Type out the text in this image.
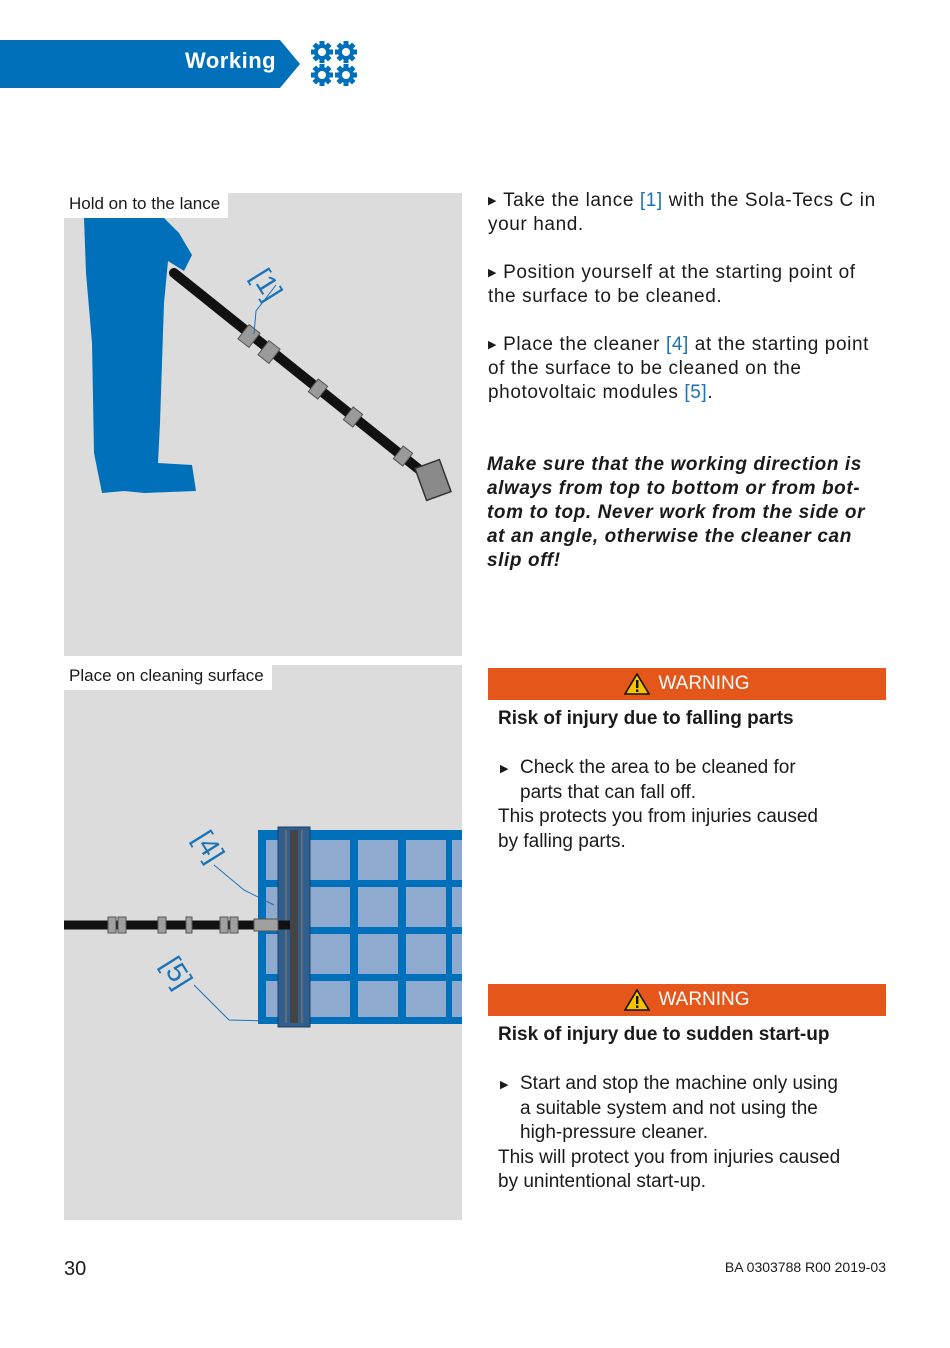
Working
Hold on to the lance
[1]
Place on cleaning surface
[4]
[5]

▶ Take the lance [1] with the Sola-Tecs C in your hand.

▶ Position yourself at the starting point of the surface to be cleaned.

▶ Place the cleaner [4] at the starting point of the surface to be cleaned on the photovoltaic modules [5].

Make sure that the working direction is
always from top to bottom or from bot-
tom to top. Never work from the side or
at an angle, otherwise the cleaner can
slip off!
WARNING
Risk of injury due to falling parts
▶ Check the area to be cleaned for
parts that can fall off.
This protects you from injuries caused
by falling parts.
WARNING
Risk of injury due to sudden start-up
▶ Start and stop the machine only using
a suitable system and not using the
high-pressure cleaner.
This will protect you from injuries caused
by unintentional start-up.
30	BA 0303788 R00 2019-03
